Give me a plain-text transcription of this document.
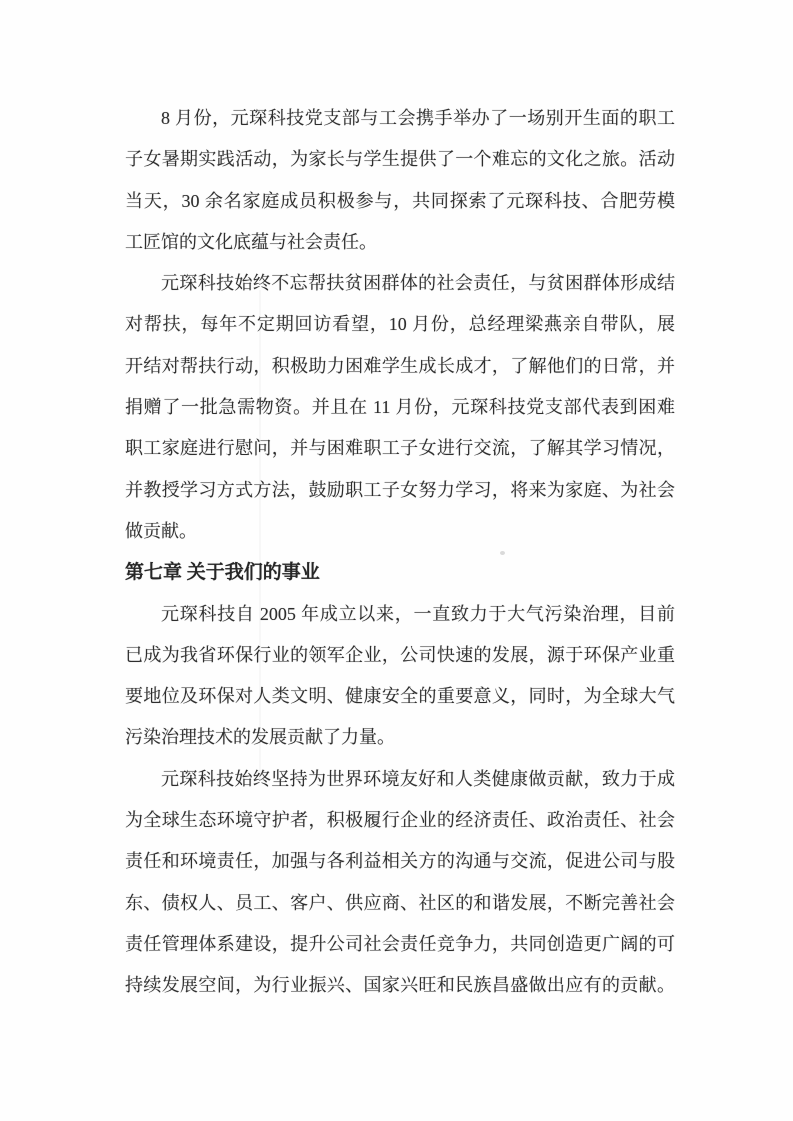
8 月份，元琛科技党支部与工会携手举办了一场别开生面的职工
子女暑期实践活动，为家长与学生提供了一个难忘的文化之旅。活动
当天，30 余名家庭成员积极参与，共同探索了元琛科技、合肥劳模
工匠馆的文化底蕴与社会责任。
元琛科技始终不忘帮扶贫困群体的社会责任，与贫困群体形成结
对帮扶，每年不定期回访看望，10 月份，总经理梁燕亲自带队，展
开结对帮扶行动，积极助力困难学生成长成才，了解他们的日常，并
捐赠了一批急需物资。并且在 11 月份，元琛科技党支部代表到困难
职工家庭进行慰问，并与困难职工子女进行交流，了解其学习情况，
并教授学习方式方法，鼓励职工子女努力学习，将来为家庭、为社会
做贡献。
第七章 关于我们的事业
元琛科技自 2005 年成立以来，一直致力于大气污染治理，目前
已成为我省环保行业的领军企业，公司快速的发展，源于环保产业重
要地位及环保对人类文明、健康安全的重要意义，同时，为全球大气
污染治理技术的发展贡献了力量。
元琛科技始终坚持为世界环境友好和人类健康做贡献，致力于成
为全球生态环境守护者，积极履行企业的经济责任、政治责任、社会
责任和环境责任，加强与各利益相关方的沟通与交流，促进公司与股
东、债权人、员工、客户、供应商、社区的和谐发展，不断完善社会
责任管理体系建设，提升公司社会责任竞争力，共同创造更广阔的可
持续发展空间，为行业振兴、国家兴旺和民族昌盛做出应有的贡献。
